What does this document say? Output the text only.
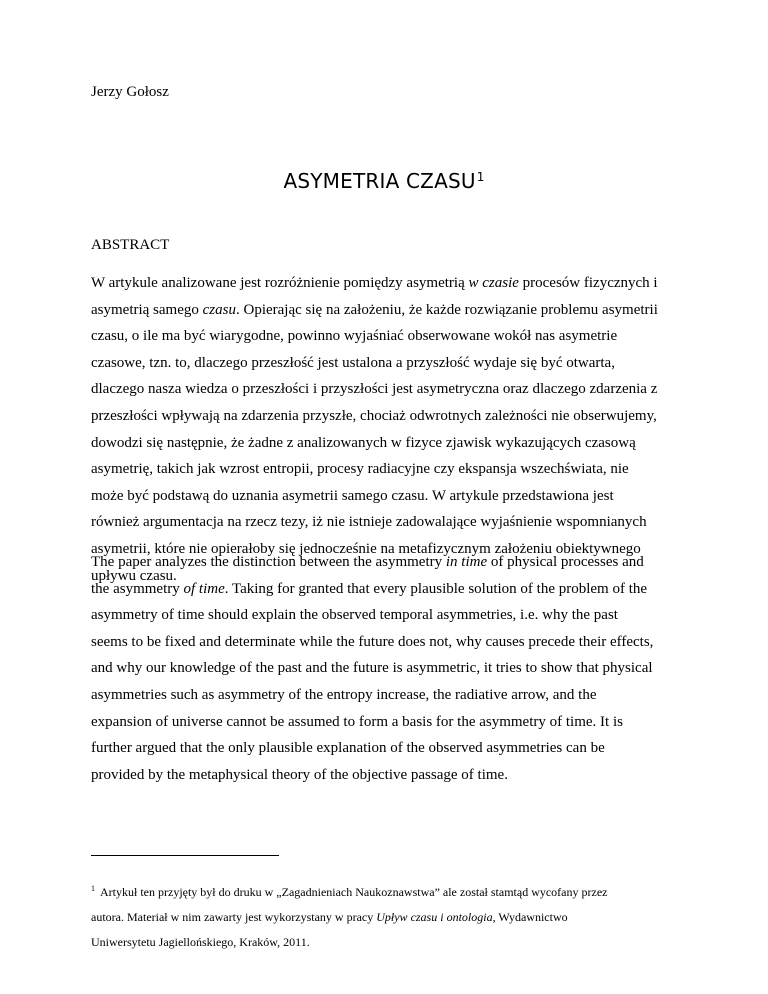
Jerzy Gołosz
ASYMETRIA CZASU$^1$
ABSTRACT

W artykule analizowane jest rozróżnienie pomiędzy asymetrią w czasie procesów fizycznych i
asymetrią samego czasu. Opierając się na założeniu, że każde rozwiązanie problemu asymetrii
czasu, o ile ma być wiarygodne, powinno wyjaśniać obserwowane wokół nas asymetrie
czasowe, tzn. to, dlaczego przeszłość jest ustalona a przyszłość wydaje się być otwarta,
dlaczego nasza wiedza o przeszłości i przyszłości jest asymetryczna oraz dlaczego zdarzenia z
przeszłości wpływają na zdarzenia przyszłe, chociaż odwrotnych zależności nie obserwujemy,
dowodzi się następnie, że żadne z analizowanych w fizyce zjawisk wykazujących czasową
asymetrię, takich jak wzrost entropii, procesy radiacyjne czy ekspansja wszechświata, nie
może być podstawą do uznania asymetrii samego czasu. W artykule przedstawiona jest
również argumentacja na rzecz tezy, iż nie istnieje zadowalające wyjaśnienie wspomnianych
asymetrii, które nie opierałoby się jednocześnie na metafizycznym założeniu obiektywnego
upływu czasu.

The paper analyzes the distinction between the asymmetry in time of physical processes and
the asymmetry of time. Taking for granted that every plausible solution of the problem of the
asymmetry of time should explain the observed temporal asymmetries, i.e. why the past
seems to be fixed and determinate while the future does not, why causes precede their effects,
and why our knowledge of the past and the future is asymmetric, it tries to show that physical
asymmetries such as asymmetry of the entropy increase, the radiative arrow, and the
expansion of universe cannot be assumed to form a basis for the asymmetry of time. It is
further argued that the only plausible explanation of the observed asymmetries can be
provided by the metaphysical theory of the objective passage of time.

$^1$ Artykuł ten przyjęty był do druku w „Zagadnieniach Naukoznawstwa” ale został stamtąd wycofany przez
autora. Materiał w nim zawarty jest wykorzystany w pracy Upływ czasu i ontologia, Wydawnictwo
Uniwersytetu Jagiellońskiego, Kraków, 2011.
